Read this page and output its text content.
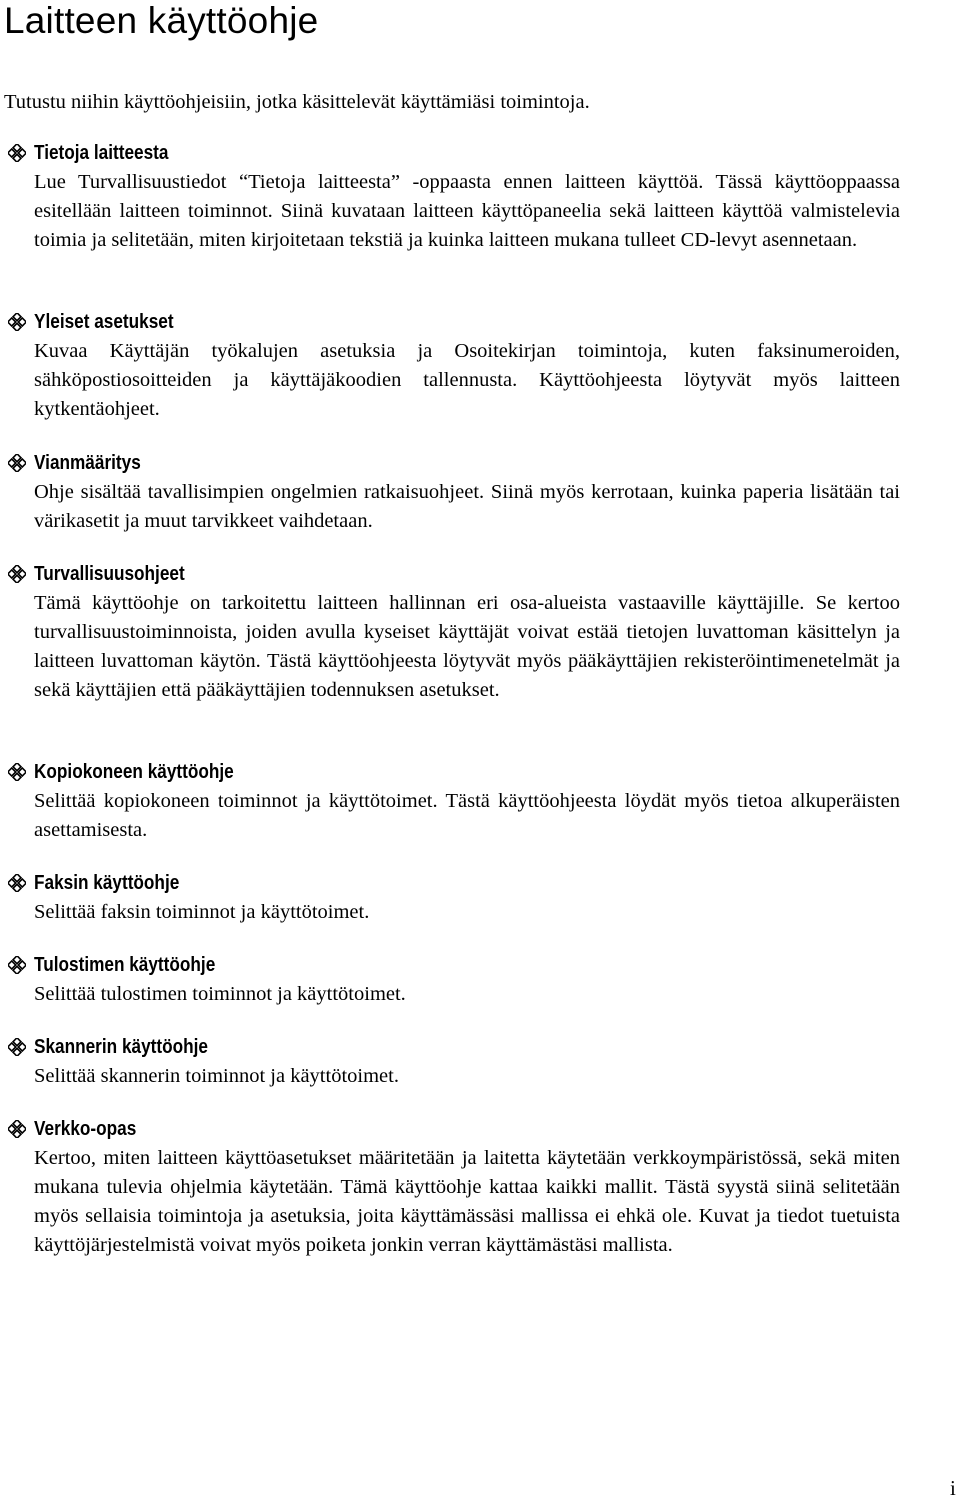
Laitteen käyttöohje

Tutustu niihin käyttöohjeisiin, jotka käsittelevät käyttämiäsi toimintoja.

Tietoja laitteesta

Lue Turvallisuustiedot “Tietoja laitteesta” -oppaasta ennen laitteen käyttöä. Tässä käyttöoppaassa esitellään laitteen toiminnot. Siinä kuvataan laitteen käyttöpaneelia sekä laitteen käyttöä valmistelevia toimia ja selitetään, miten kirjoitetaan tekstiä ja kuinka laitteen mukana tulleet CD-levyt asennetaan.

Yleiset asetukset

Kuvaa Käyttäjän työkalujen asetuksia ja Osoitekirjan toimintoja, kuten faksinumeroiden, sähköpostiosoitteiden ja käyttäjäkoodien tallennusta. Käyttöohjeesta löytyvät myös laitteen kytkentäohjeet.

Vianmääritys

Ohje sisältää tavallisimpien ongelmien ratkaisuohjeet. Siinä myös kerrotaan, kuinka paperia lisätään tai värikasetit ja muut tarvikkeet vaihdetaan.

Turvallisuusohjeet

Tämä käyttöohje on tarkoitettu laitteen hallinnan eri osa-alueista vastaaville käyttäjille. Se kertoo turvallisuustoiminnoista, joiden avulla kyseiset käyttäjät voivat estää tietojen luvattoman käsittelyn ja laitteen luvattoman käytön. Tästä käyttöohjeesta löytyvät myös pääkäyttäjien rekisteröintimenetelmät ja sekä käyttäjien että pääkäyttäjien todennuksen asetukset.

Kopiokoneen käyttöohje

Selittää kopiokoneen toiminnot ja käyttötoimet. Tästä käyttöohjeesta löydät myös tietoa alkuperäisten asettamisesta.

Faksin käyttöohje

Selittää faksin toiminnot ja käyttötoimet.

Tulostimen käyttöohje

Selittää tulostimen toiminnot ja käyttötoimet.

Skannerin käyttöohje

Selittää skannerin toiminnot ja käyttötoimet.

Verkko-opas

Kertoo, miten laitteen käyttöasetukset määritetään ja laitetta käytetään verkkoympäristössä, sekä miten mukana tulevia ohjelmia käytetään. Tämä käyttöohje kattaa kaikki mallit. Tästä syystä siinä selitetään myös sellaisia toimintoja ja asetuksia, joita käyttämässäsi mallissa ei ehkä ole. Kuvat ja tiedot tuetuista käyttöjärjestelmistä voivat myös poiketa jonkin verran käyttämästäsi mallista.

i
